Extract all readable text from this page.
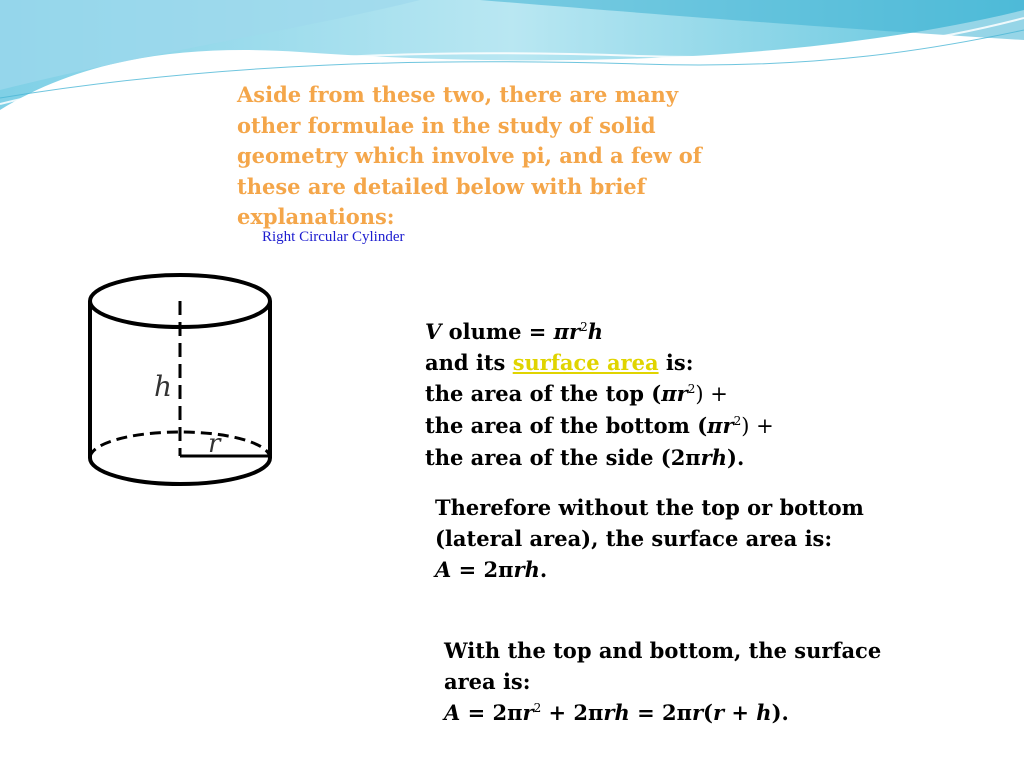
Aside from these two, there are many other formulae in the study of solid geometry which involve pi, and a few of these are detailed below with brief explanations:

Right Circular Cylinder
h
r

V olume = $\pi r^2h$

and its surface area is:

the area of the top $(\pi r^2)$ +

the area of the bottom $(\pi r^2)$ +

the area of the side (2πrh).

Therefore without the top or bottom

(lateral area), the surface area is:

A = 2πrh.

With the top and bottom, the surface

area is:

$A = 2\pi r^2 + 2\pi rh = 2\pi r(r + h)$.
